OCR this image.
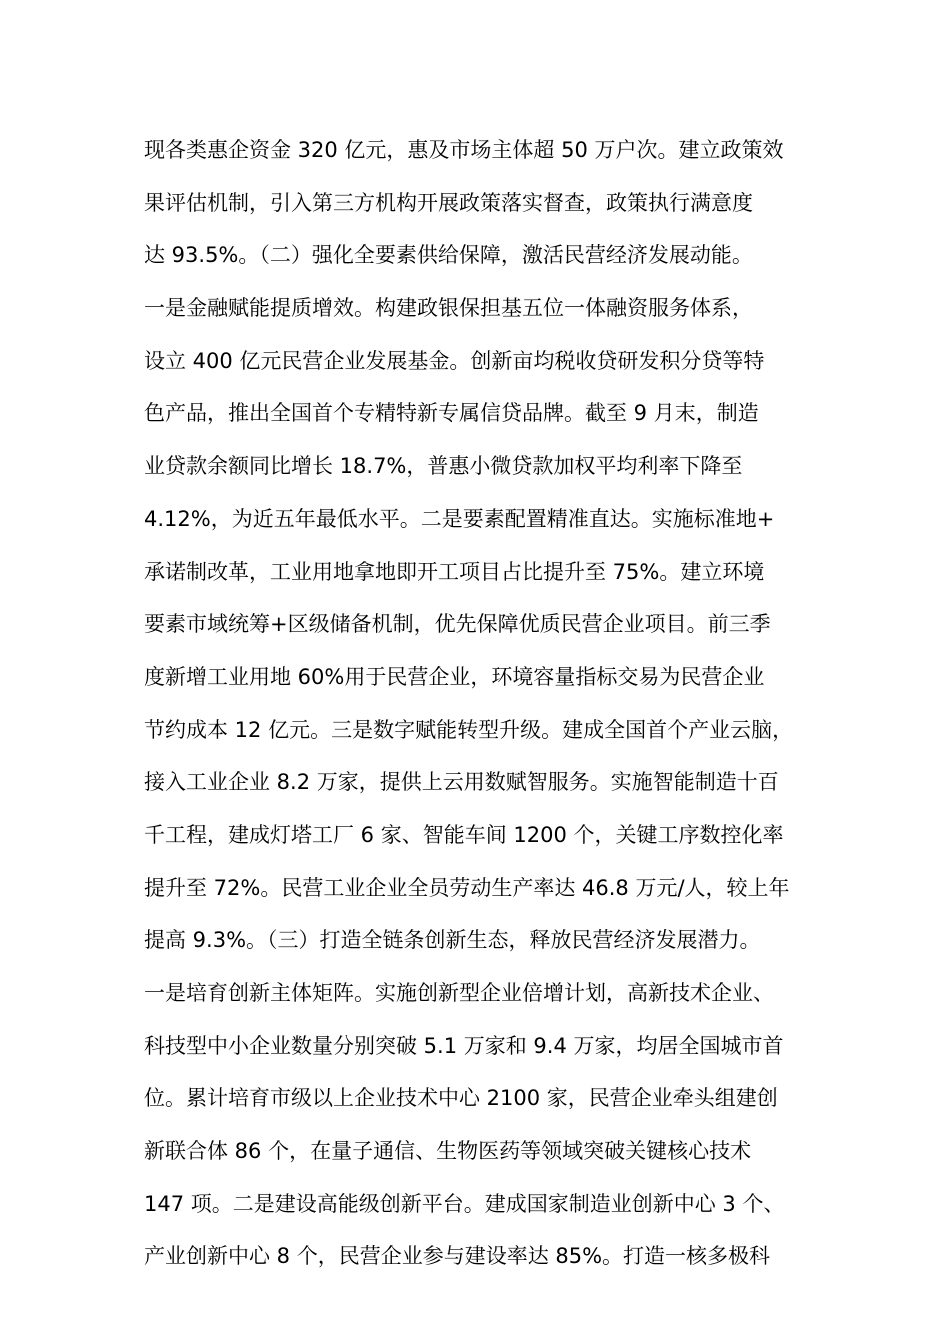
现各类惠企资金 320 亿元，惠及市场主体超 50 万户次。建立政策效
果评估机制，引入第三方机构开展政策落实督查，政策执行满意度
达 93.5%。（二）强化全要素供给保障，激活民营经济发展动能。
一是金融赋能提质增效。构建政银保担基五位一体融资服务体系，
设立 400 亿元民营企业发展基金。创新亩均税收贷研发积分贷等特
色产品，推出全国首个专精特新专属信贷品牌。截至 9 月末，制造
业贷款余额同比增长 18.7%，普惠小微贷款加权平均利率下降至
4.12%，为近五年最低水平。二是要素配置精准直达。实施标准地+
承诺制改革，工业用地拿地即开工项目占比提升至 75%。建立环境
要素市域统筹+区级储备机制，优先保障优质民营企业项目。前三季
度新增工业用地 60%用于民营企业，环境容量指标交易为民营企业
节约成本 12 亿元。三是数字赋能转型升级。建成全国首个产业云脑，
接入工业企业 8.2 万家，提供上云用数赋智服务。实施智能制造十百
千工程，建成灯塔工厂 6 家、智能车间 1200 个，关键工序数控化率
提升至 72%。民营工业企业全员劳动生产率达 46.8 万元/人，较上年
提高 9.3%。（三）打造全链条创新生态，释放民营经济发展潜力。
一是培育创新主体矩阵。实施创新型企业倍增计划，高新技术企业、
科技型中小企业数量分别突破 5.1 万家和 9.4 万家，均居全国城市首
位。累计培育市级以上企业技术中心 2100 家，民营企业牵头组建创
新联合体 86 个，在量子通信、生物医药等领域突破关键核心技术
147 项。二是建设高能级创新平台。建成国家制造业创新中心 3 个、
产业创新中心 8 个，民营企业参与建设率达 85%。打造一核多极科
